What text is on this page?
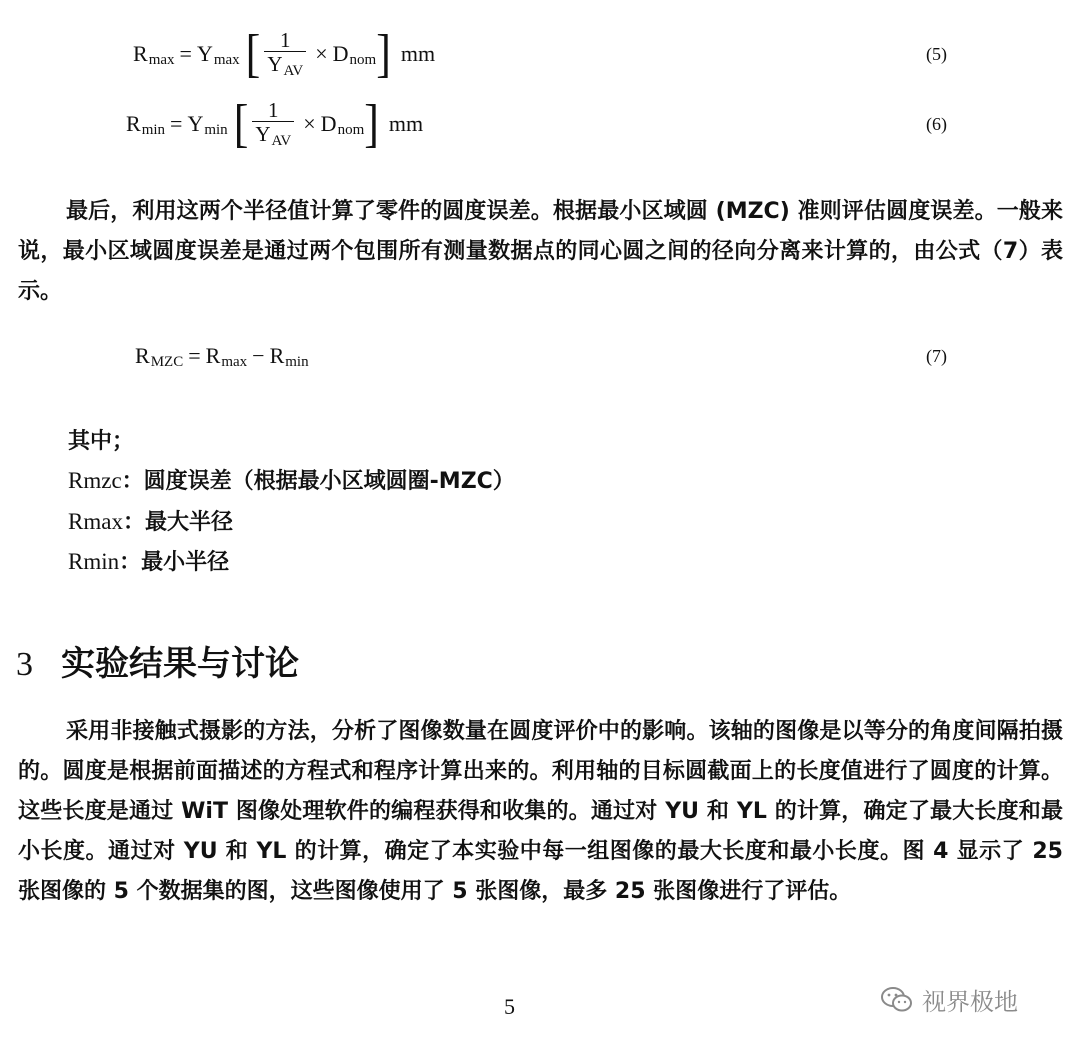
R max = Y max [ $\frac{1}{\text{YAV}} \times D$ nom ] mm	(5)
R min = Y min [ $\frac{1}{\text{YAV}} \times D$ nom ] mm	(6)
最后，利用这两个半径值计算了零件的圆度误差。根据最小区域圆 (MZC) 准则评估圆度误差。一般来说，最小区域圆度误差是通过两个包围所有测量数据点的同心圆之间的径向分离来计算的，由公式（7）表示。
R MZC = R max − R min	(7)
其中；
Rmzc：圆度误差（根据最小区域圆圈-MZC）
Rmax：最大半径
Rmin：最小半径
3 实验结果与讨论
采用非接触式摄影的方法，分析了图像数量在圆度评价中的影响。该轴的图像是以等分的角度间隔拍摄的。圆度是根据前面描述的方程式和程序计算出来的。利用轴的目标圆截面上的长度值进行了圆度的计算。这些长度是通过 WiT 图像处理软件的编程获得和收集的。通过对 YU 和 YL 的计算，确定了最大长度和最小长度。通过对 YU 和 YL 的计算，确定了本实验中每一组图像的最大长度和最小长度。图 4 显示了 25 张图像的 5 个数据集的图，这些图像使用了 5 张图像，最多 25 张图像进行了评估。
5	视界极地
